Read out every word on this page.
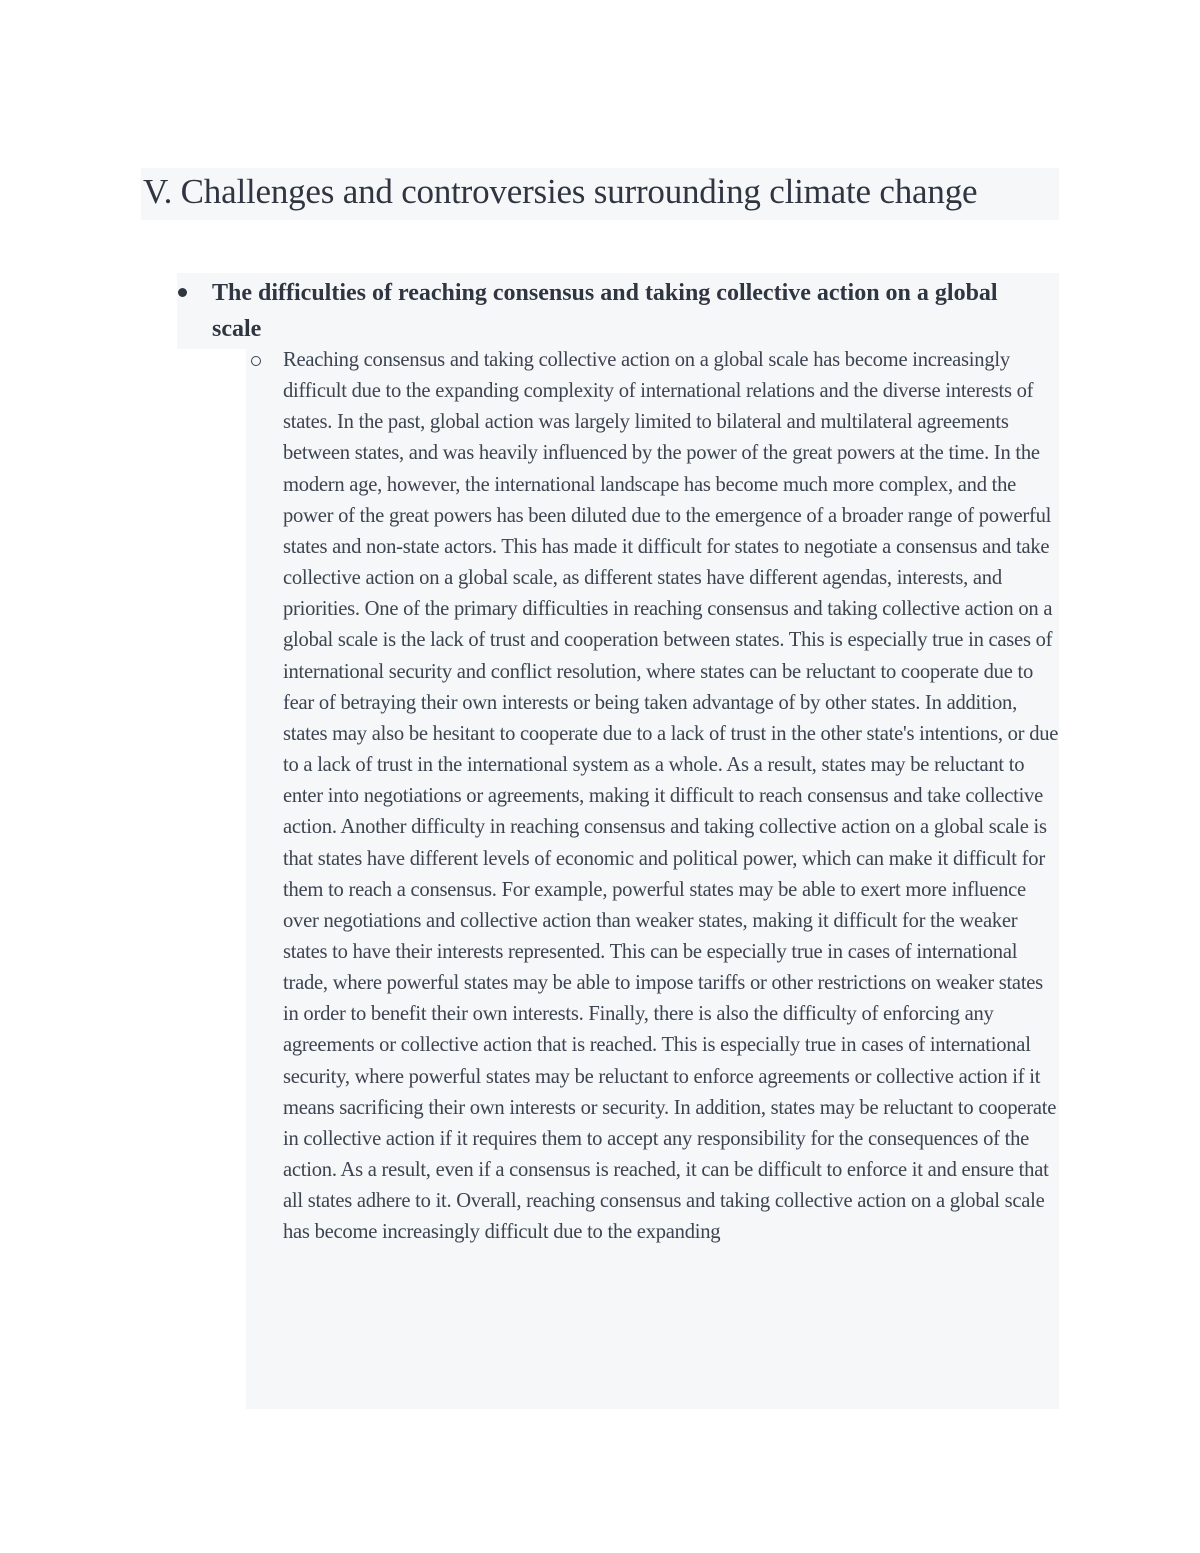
V. Challenges and controversies surrounding climate change

The difficulties of reaching consensus and taking collective action on a global scale

Reaching consensus and taking collective action on a global scale has become increasingly difficult due to the expanding complexity of international relations and the diverse interests of states. In the past, global action was largely limited to bilateral and multilateral agreements between states, and was heavily influenced by the power of the great powers at the time. In the modern age, however, the international landscape has become much more complex, and the power of the great powers has been diluted due to the emergence of a broader range of powerful states and non-state actors. This has made it difficult for states to negotiate a consensus and take collective action on a global scale, as different states have different agendas, interests, and priorities. One of the primary difficulties in reaching consensus and taking collective action on a global scale is the lack of trust and cooperation between states. This is especially true in cases of international security and conflict resolution, where states can be reluctant to cooperate due to fear of betraying their own interests or being taken advantage of by other states. In addition, states may also be hesitant to cooperate due to a lack of trust in the other state's intentions, or due to a lack of trust in the international system as a whole. As a result, states may be reluctant to enter into negotiations or agreements, making it difficult to reach consensus and take collective action. Another difficulty in reaching consensus and taking collective action on a global scale is that states have different levels of economic and political power, which can make it difficult for them to reach a consensus. For example, powerful states may be able to exert more influence over negotiations and collective action than weaker states, making it difficult for the weaker states to have their interests represented. This can be especially true in cases of international trade, where powerful states may be able to impose tariffs or other restrictions on weaker states in order to benefit their own interests. Finally, there is also the difficulty of enforcing any agreements or collective action that is reached. This is especially true in cases of international security, where powerful states may be reluctant to enforce agreements or collective action if it means sacrificing their own interests or security. In addition, states may be reluctant to cooperate in collective action if it requires them to accept any responsibility for the consequences of the action. As a result, even if a consensus is reached, it can be difficult to enforce it and ensure that all states adhere to it. Overall, reaching consensus and taking collective action on a global scale has become increasingly difficult due to the expanding
